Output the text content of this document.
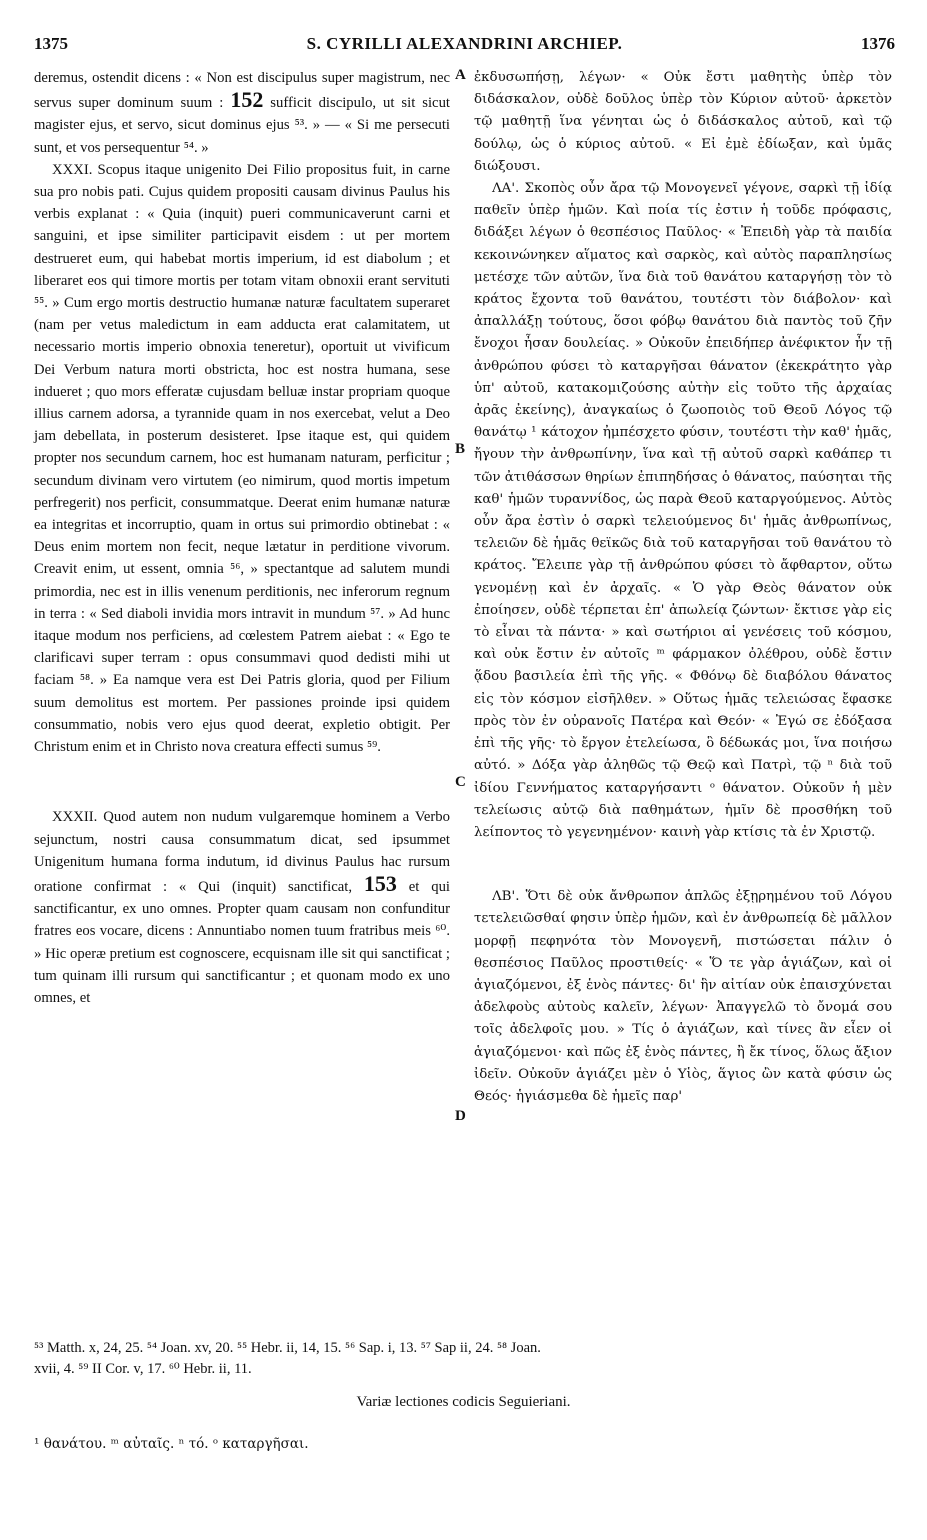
1375	S. CYRILLI ALEXANDRINI ARCHIEP.	1376
A
B
C
D

deremus, ostendit dicens : « Non est discipulus super magistrum, nec servus super dominum suum : 152 sufficit discipulo, ut sit sicut magister ejus, et servo, sicut dominus ejus ⁵³. » — « Si me persecuti sunt, et vos persequentur ⁵⁴. »

XXXI. Scopus itaque unigenito Dei Filio propositus fuit, in carne sua pro nobis pati. Cujus quidem propositi causam divinus Paulus his verbis explanat : « Quia (inquit) pueri communicaverunt carni et sanguini, et ipse similiter participavit eisdem : ut per mortem destrueret eum, qui habebat mortis imperium, id est diabolum ; et liberaret eos qui timore mortis per totam vitam obnoxii erant servituti ⁵⁵. » Cum ergo mortis destructio humanæ naturæ facultatem superaret (nam per vetus maledictum in eam adducta erat calamitatem, ut necessario mortis imperio obnoxia teneretur), oportuit ut vivificum Dei Verbum natura morti obstricta, hoc est nostra humana, sese indueret ; quo mors efferatæ cujusdam belluæ instar propriam quoque illius carnem adorsa, a tyrannide quam in nos exercebat, velut a Deo jam debellata, in posterum desisteret. Ipse itaque est, qui quidem propter nos secundum carnem, hoc est humanam naturam, perficitur ; secundum divinam vero virtutem (eo nimirum, quod mortis impetum perfregerit) nos perficit, consummatque. Deerat enim humanæ naturæ ea integritas et incorruptio, quam in ortus sui primordio obtinebat : « Deus enim mortem non fecit, neque lætatur in perditione vivorum. Creavit enim, ut essent, omnia ⁵⁶, » spectantque ad salutem mundi primordia, nec est in illis venenum perditionis, nec inferorum regnum in terra : « Sed diaboli invidia mors intravit in mundum ⁵⁷. » Ad hunc itaque modum nos perficiens, ad cœlestem Patrem aiebat : « Ego te clarificavi super terram : opus consummavi quod dedisti mihi ut faciam ⁵⁸. » Ea namque vera est Dei Patris gloria, quod per Filium suum demolitus est mortem. Per passiones proinde ipsi quidem consummatio, nobis vero ejus quod deerat, expletio obtigit. Per Christum enim et in Christo nova creatura effecti sumus ⁵⁹.

XXXII. Quod autem non nudum vulgaremque hominem a Verbo sejunctum, nostri causa consummatum dicat, sed ipsummet Unigenitum humana forma indutum, id divinus Paulus hac rursum oratione confirmat : « Qui (inquit) sanctificat, 153 et qui sanctificantur, ex uno omnes. Propter quam causam non confunditur fratres eos vocare, dicens : Annuntiabo nomen tuum fratribus meis ⁶⁰. » Hic operæ pretium est cognoscere, ecquisnam ille sit qui sanctificat ; tum quinam illi rursum qui sanctificantur ; et quonam modo ex uno omnes, et

ἐκδυσωπήσῃ, λέγων· « Οὐκ ἔστι μαθητὴς ὑπὲρ τὸν διδάσκαλον, οὐδὲ δοῦλος ὑπὲρ τὸν Κύριον αὐτοῦ· ἀρκετὸν τῷ μαθητῇ ἵνα γένηται ὡς ὁ διδάσκαλος αὐτοῦ, καὶ τῷ δούλῳ, ὡς ὁ κύριος αὐτοῦ. « Εἰ ἐμὲ ἐδίωξαν, καὶ ὑμᾶς διώξουσι.

ΛΑ'. Σκοπὸς οὖν ἄρα τῷ Μονογενεῖ γέγονε, σαρκὶ τῇ ἰδίᾳ παθεῖν ὑπὲρ ἡμῶν. Καὶ ποία τίς ἐστιν ἡ τοῦδε πρόφασις, διδάξει λέγων ὁ θεσπέσιος Παῦλος· « Ἐπειδὴ γὰρ τὰ παιδία κεκοινώνηκεν αἵματος καὶ σαρκὸς, καὶ αὐτὸς παραπλησίως μετέσχε τῶν αὐτῶν, ἵνα διὰ τοῦ θανάτου καταργήσῃ τὸν τὸ κράτος ἔχοντα τοῦ θανάτου, τουτέστι τὸν διάβολον· καὶ ἀπαλλάξῃ τούτους, ὅσοι φόβῳ θανάτου διὰ παντὸς τοῦ ζῆν ἔνοχοι ἦσαν δουλείας. » Οὐκοῦν ἐπειδήπερ ἀνέφικτον ἦν τῇ ἀνθρώπου φύσει τὸ καταργῆσαι θάνατον (ἐκεκράτητο γὰρ ὑπ' αὐτοῦ, κατακομιζούσης αὐτὴν εἰς τοῦτο τῆς ἀρχαίας ἀρᾶς ἐκείνης), ἀναγκαίως ὁ ζωοποιὸς τοῦ Θεοῦ Λόγος τῷ θανάτῳ ¹ κάτοχον ἠμπέσχετο φύσιν, τουτέστι τὴν καθ' ἡμᾶς, ἤγουν τὴν ἀνθρωπίνην, ἵνα καὶ τῇ αὐτοῦ σαρκὶ καθάπερ τι τῶν ἀτιθάσσων θηρίων ἐπιπηδήσας ὁ θάνατος, παύσηται τῆς καθ' ἡμῶν τυραννίδος, ὡς παρὰ Θεοῦ καταργούμενος. Αὐτὸς οὖν ἄρα ἐστὶν ὁ σαρκὶ τελειούμενος δι' ἡμᾶς ἀνθρωπίνως, τελειῶν δὲ ἡμᾶς θεϊκῶς διὰ τοῦ καταργῆσαι τοῦ θανάτου τὸ κράτος. Ἔλειπε γὰρ τῇ ἀνθρώπου φύσει τὸ ἄφθαρτον, οὕτω γενομένῃ καὶ ἐν ἀρχαῖς. « Ὁ γὰρ Θεὸς θάνατον οὐκ ἐποίησεν, οὐδὲ τέρπεται ἐπ' ἀπωλείᾳ ζώντων· ἔκτισε γὰρ εἰς τὸ εἶναι τὰ πάντα· » καὶ σωτήριοι αἱ γενέσεις τοῦ κόσμου, καὶ οὐκ ἔστιν ἐν αὐτοῖς ᵐ φάρμακον ὀλέθρου, οὐδὲ ἔστιν ᾅδου βασιλεία ἐπὶ τῆς γῆς. « Φθόνῳ δὲ διαβόλου θάνατος εἰς τὸν κόσμον εἰσῆλθεν. » Οὕτως ἡμᾶς τελειώσας ἔφασκε πρὸς τὸν ἐν οὐρανοῖς Πατέρα καὶ Θεόν· « Ἐγώ σε ἐδόξασα ἐπὶ τῆς γῆς· τὸ ἔργον ἐτελείωσα, ὃ δέδωκάς μοι, ἵνα ποιήσω αὐτό. » Δόξα γὰρ ἀληθῶς τῷ Θεῷ καὶ Πατρὶ, τῷ ⁿ διὰ τοῦ ἰδίου Γεννήματος καταργήσαντι ᵒ θάνατον. Οὐκοῦν ἡ μὲν τελείωσις αὐτῷ διὰ παθημάτων, ἡμῖν δὲ προσθήκη τοῦ λείποντος τὸ γεγενημένον· καινὴ γὰρ κτίσις τὰ ἐν Χριστῷ.

ΛΒ'. Ὅτι δὲ οὐκ ἄνθρωπον ἁπλῶς ἐξῃρημένου τοῦ Λόγου τετελειῶσθαί φησιν ὑπὲρ ἡμῶν, καὶ ἐν ἀνθρωπείᾳ δὲ μᾶλλον μορφῇ πεφηνότα τὸν Μονογενῆ, πιστώσεται πάλιν ὁ θεσπέσιος Παῦλος προστιθείς· « Ὅ τε γὰρ ἁγιάζων, καὶ οἱ ἁγιαζόμενοι, ἐξ ἑνὸς πάντες· δι' ἣν αἰτίαν οὐκ ἐπαισχύνεται ἀδελφοὺς αὐτοὺς καλεῖν, λέγων· Ἀπαγγελῶ τὸ ὄνομά σου τοῖς ἀδελφοῖς μου. » Τίς ὁ ἁγιάζων, καὶ τίνες ἂν εἶεν οἱ ἁγιαζόμενοι· καὶ πῶς ἐξ ἑνὸς πάντες, ἢ ἔκ τίνος, ὅλως ἄξιον ἰδεῖν. Οὐκοῦν ἁγιάζει μὲν ὁ Υἱὸς, ἅγιος ὢν κατὰ φύσιν ὡς Θεός· ἡγιάσμεθα δὲ ἡμεῖς παρ'

⁵³ Matth. x, 24, 25. ⁵⁴ Joan. xv, 20. ⁵⁵ Hebr. ii, 14, 15. ⁵⁶ Sap. i, 13. ⁵⁷ Sap ii, 24. ⁵⁸ Joan.
xvii, 4. ⁵⁹ II Cor. v, 17. ⁶⁰ Hebr. ii, 11.
Variæ lectiones codicis Seguieriani.
¹ θανάτου. ᵐ αὐταῖς. ⁿ τό. ᵒ καταργῆσαι.
